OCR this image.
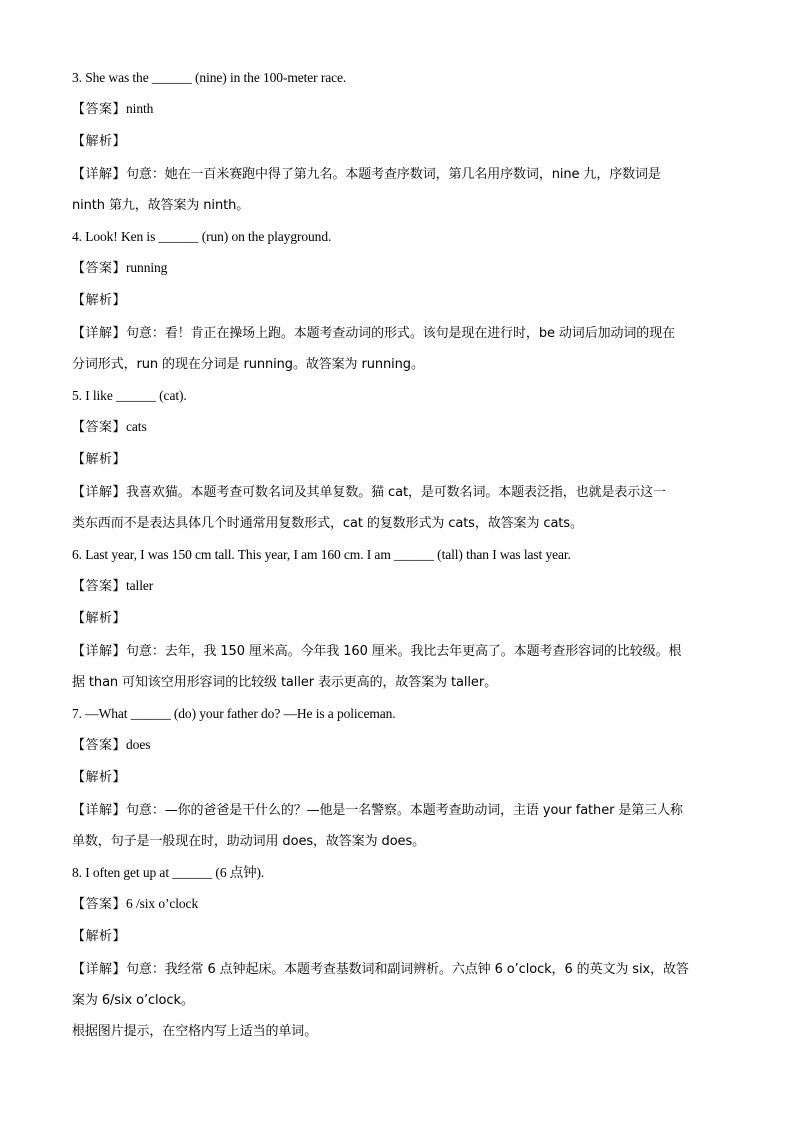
3. She was the ______ (nine) in the 100-meter race.

【答案】ninth

【解析】

【详解】句意：她在一百米赛跑中得了第九名。本题考查序数词，第几名用序数词，nine 九，序数词是

ninth 第九，故答案为 ninth。

4. Look! Ken is ______ (run) on the playground.

【答案】running

【解析】

【详解】句意：看！肯正在操场上跑。本题考查动词的形式。该句是现在进行时，be 动词后加动词的现在

分词形式，run 的现在分词是 running。故答案为 running。

5. I like ______ (cat).

【答案】cats

【解析】

【详解】我喜欢猫。本题考查可数名词及其单复数。猫 cat，是可数名词。本题表泛指，也就是表示这一

类东西而不是表达具体几个时通常用复数形式，cat 的复数形式为 cats，故答案为 cats。

6. Last year, I was 150 cm tall. This year, I am 160 cm. I am ______ (tall) than I was last year.

【答案】taller

【解析】

【详解】句意：去年，我 150 厘米高。今年我 160 厘米。我比去年更高了。本题考查形容词的比较级。根

据 than 可知该空用形容词的比较级 taller 表示更高的，故答案为 taller。

7. —What ______ (do) your father do? —He is a policeman.

【答案】does

【解析】

【详解】句意：—你的爸爸是干什么的？—他是一名警察。本题考查助动词，主语 your father 是第三人称

单数，句子是一般现在时，助动词用 does，故答案为 does。

8. I often get up at ______ (6 点钟).

【答案】6 /six o’clock

【解析】

【详解】句意：我经常 6 点钟起床。本题考查基数词和副词辨析。六点钟 6 o’clock，6 的英文为 six，故答

案为 6/six o’clock。

根据图片提示，在空格内写上适当的单词。
